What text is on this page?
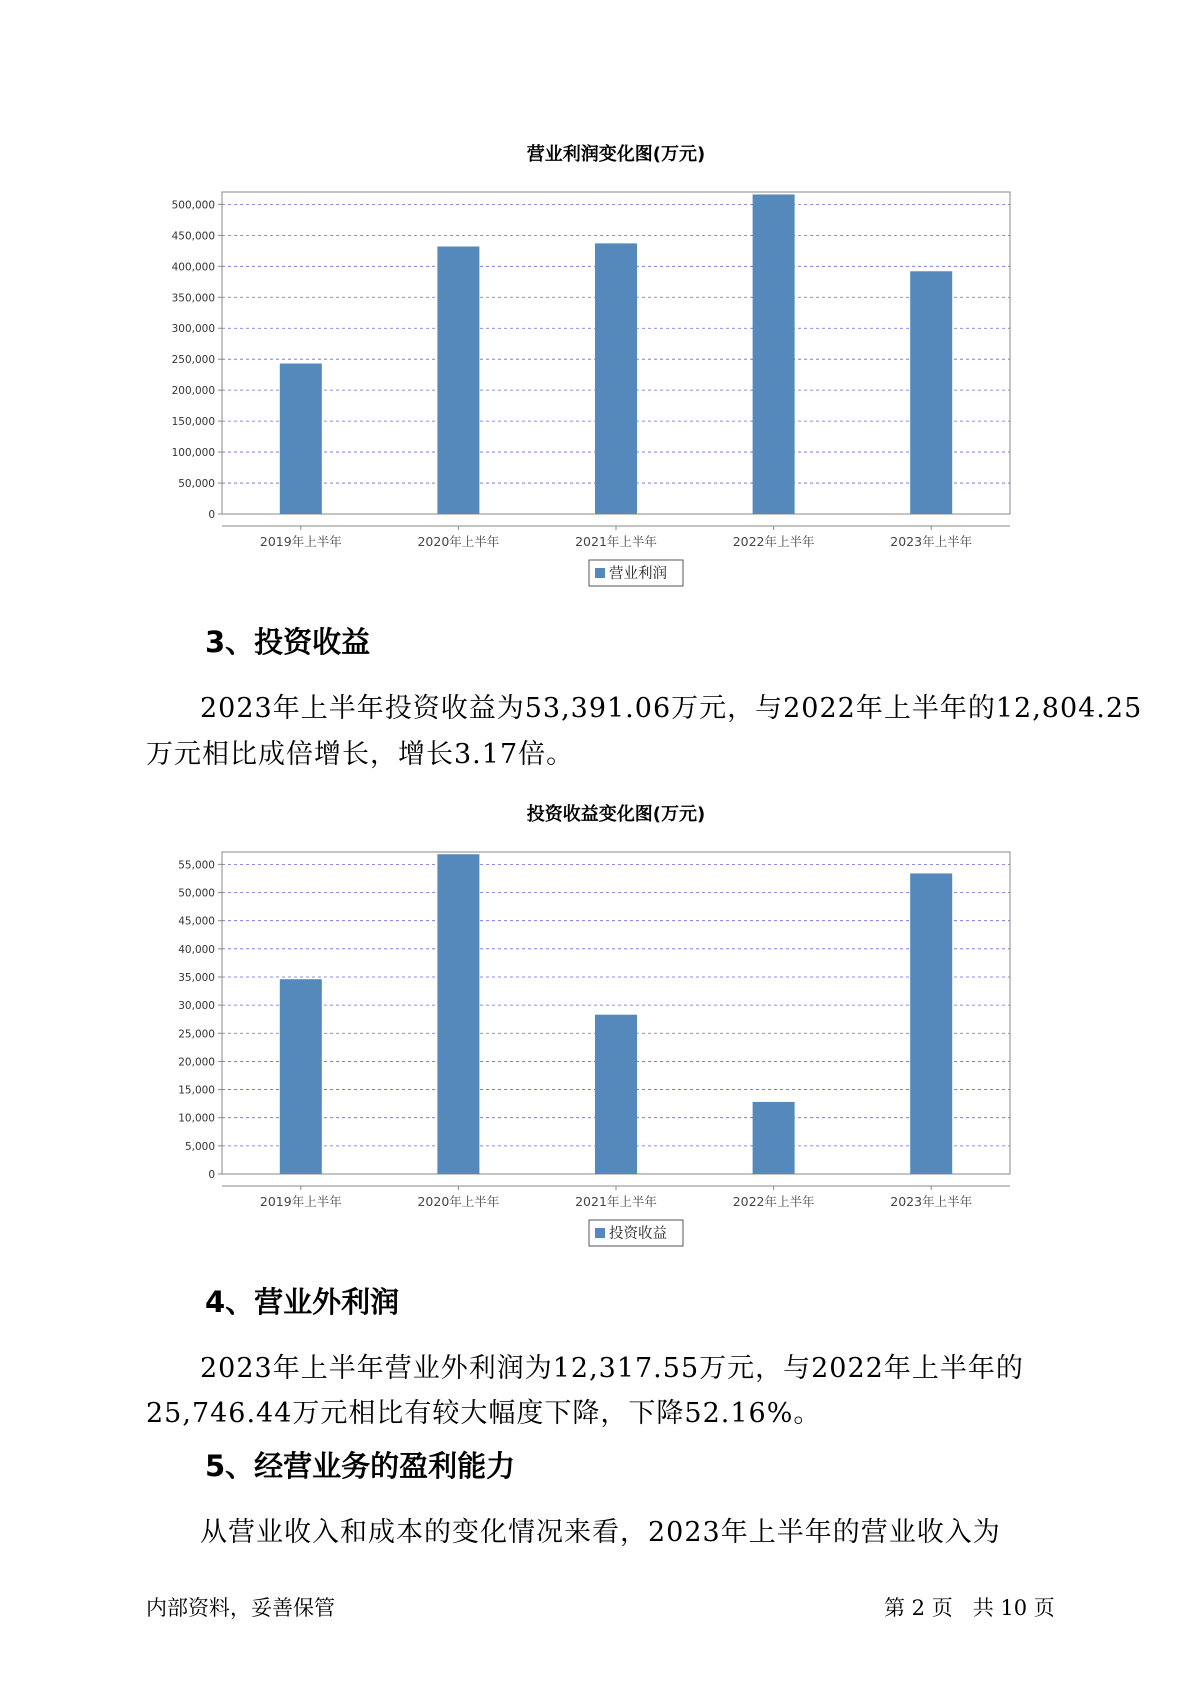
营业利润变化图(万元)
0
50,000
100,000
150,000
200,000
250,000
300,000
350,000
400,000
450,000
500,000
2019年上半年	2020年上半年	2021年上半年	2022年上半年	2023年上半年
营业利润
3、投资收益

2023年上半年投资收益为53,391.06万元，与2022年上半年的12,804.25

万元相比成倍增长，增长3.17倍。

投资收益变化图(万元)
0
5,000
10,000
15,000
20,000
25,000
30,000
35,000
40,000
45,000
50,000
55,000
2019年上半年	2020年上半年	2021年上半年	2022年上半年	2023年上半年
投资收益
4、营业外利润

2023年上半年营业外利润为12,317.55万元，与2022年上半年的

25,746.44万元相比有较大幅度下降，下降52.16%。

5、经营业务的盈利能力

从营业收入和成本的变化情况来看，2023年上半年的营业收入为

内部资料，妥善保管	第 2 页   共 10 页
